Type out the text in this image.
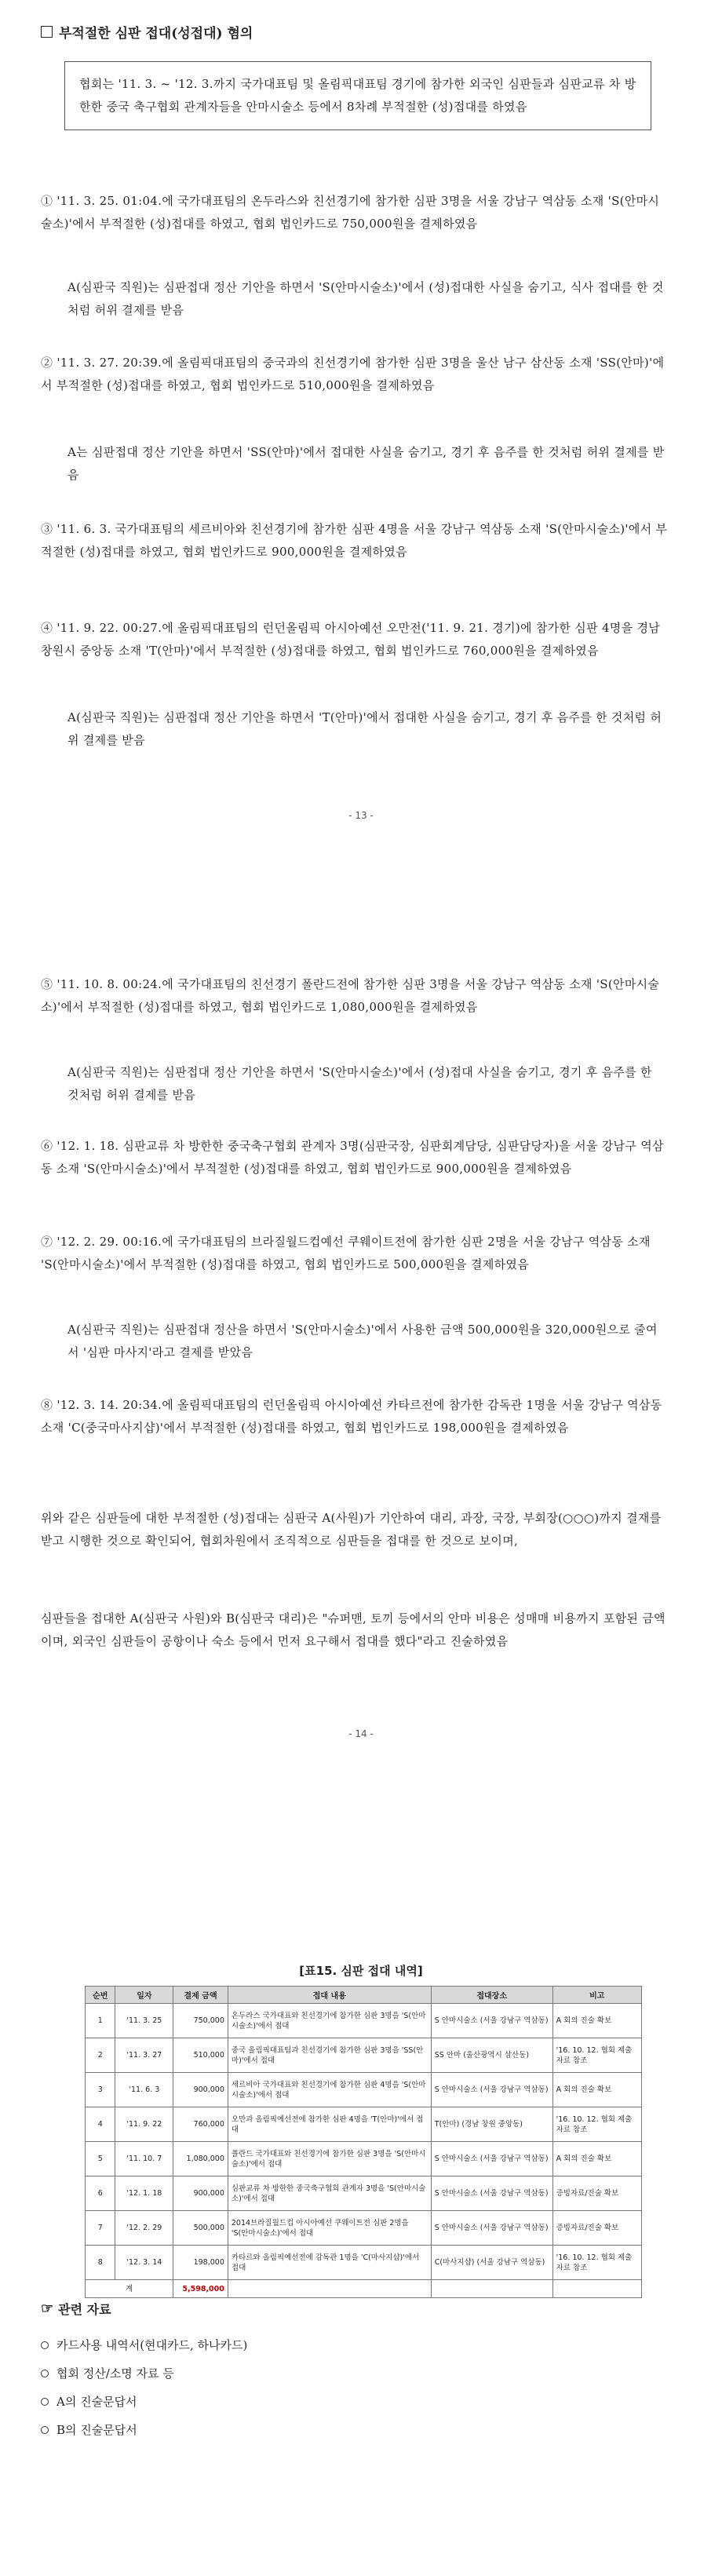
부적절한 심판 접대(성접대) 혐의
협회는 '11. 3. ~ '12. 3.까지 국가대표팀 및 올림픽대표팀 경기에 참가한 외국인 심판들과 심판교류 차 방한한 중국 축구협회 관계자들을 안마시술소 등에서 8차례 부적절한 (성)접대를 하였음
① '11. 3. 25. 01:04.에 국가대표팀의 온두라스와 친선경기에 참가한 심판 3명을 서울 강남구 역삼동 소재 'S(안마시술소)'에서 부적절한 (성)접대를 하였고, 협회 법인카드로 750,000원을 결제하였음
A(심판국 직원)는 심판접대 정산 기안을 하면서 'S(안마시술소)'에서 (성)접대한 사실을 숨기고, 식사 접대를 한 것처럼 허위 결제를 받음
② '11. 3. 27. 20:39.에 올림픽대표팀의 중국과의 친선경기에 참가한 심판 3명을 울산 남구 삼산동 소재 'SS(안마)'에서 부적절한 (성)접대를 하였고, 협회 법인카드로 510,000원을 결제하였음
A는 심판접대 정산 기안을 하면서 'SS(안마)'에서 접대한 사실을 숨기고, 경기 후 음주를 한 것처럼 허위 결제를 받음
③ '11. 6. 3. 국가대표팀의 세르비아와 친선경기에 참가한 심판 4명을 서울 강남구 역삼동 소재 'S(안마시술소)'에서 부적절한 (성)접대를 하였고, 협회 법인카드로 900,000원을 결제하였음
④ '11. 9. 22. 00:27.에 올림픽대표팀의 런던올림픽 아시아예선 오만전('11. 9. 21. 경기)에 참가한 심판 4명을 경남 창원시 중앙동 소재 'T(안마)'에서 부적절한 (성)접대를 하였고, 협회 법인카드로 760,000원을 결제하였음
A(심판국 직원)는 심판접대 정산 기안을 하면서 'T(안마)'에서 접대한 사실을 숨기고, 경기 후 음주를 한 것처럼 허위 결제를 받음
- 13 -
⑤ '11. 10. 8. 00:24.에 국가대표팀의 친선경기 폴란드전에 참가한 심판 3명을 서울 강남구 역삼동 소재 'S(안마시술소)'에서 부적절한 (성)접대를 하였고, 협회 법인카드로 1,080,000원을 결제하였음
A(심판국 직원)는 심판접대 정산 기안을 하면서 'S(안마시술소)'에서 (성)접대 사실을 숨기고, 경기 후 음주를 한 것처럼 허위 결제를 받음
⑥ '12. 1. 18. 심판교류 차 방한한 중국축구협회 관계자 3명(심판국장, 심판회계담당, 심판담당자)을 서울 강남구 역삼동 소재 'S(안마시술소)'에서 부적절한 (성)접대를 하였고, 협회 법인카드로 900,000원을 결제하였음
⑦ '12. 2. 29. 00:16.에 국가대표팀의 브라질월드컵예선 쿠웨이트전에 참가한 심판 2명을 서울 강남구 역삼동 소재 'S(안마시술소)'에서 부적절한 (성)접대를 하였고, 협회 법인카드로 500,000원을 결제하였음
A(심판국 직원)는 심판접대 정산을 하면서 'S(안마시술소)'에서 사용한 금액 500,000원을 320,000원으로 줄여서 '심판 마사지'라고 결제를 받았음
⑧ '12. 3. 14. 20:34.에 올림픽대표팀의 런던올림픽 아시아예선 카타르전에 참가한 감독관 1명을 서울 강남구 역삼동 소재 'C(중국마사지샵)'에서 부적절한 (성)접대를 하였고, 협회 법인카드로 198,000원을 결제하였음
위와 같은 심판들에 대한 부적절한 (성)접대는 심판국 A(사원)가 기안하여 대리, 과장, 국장, 부회장(○○○)까지 결재를 받고 시행한 것으로 확인되어, 협회차원에서 조직적으로 심판들을 접대를 한 것으로 보이며,
심판들을 접대한 A(심판국 사원)와 B(심판국 대리)은 "슈퍼맨, 토끼 등에서의 안마 비용은 성매매 비용까지 포함된 금액이며, 외국인 심판들이 공항이나 숙소 등에서 먼저 요구해서 접대를 했다"라고 진술하였음
- 14 -
[표15. 심판 접대 내역]
순번	일자	결제 금액	접대 내용	접대장소	비고
1	'11. 3. 25	750,000	온두라스 국가대표와 친선경기에 참가한 심판 3명을 'S(안마시술소)'에서 접대	S 안마시술소 (서울 강남구 역삼동)	A 회의 진술 확보
2	'11. 3. 27	510,000	중국 올림픽대표팀과 친선경기에 참가한 심판 3명을 'SS(안마)'에서 접대	SS 안마 (울산광역시 삼산동)	'16. 10. 12. 협회 제출자료 참조
3	'11. 6. 3	900,000	세르비아 국가대표와 친선경기에 참가한 심판 4명을 'S(안마시술소)'에서 접대	S 안마시술소 (서울 강남구 역삼동)	A 회의 진술 확보
4	'11. 9. 22	760,000	오만과 올림픽예선전에 참가한 심판 4명을 'T(안마)'에서 접대	T(안마) (경남 창원 중앙동)	'16. 10. 12. 협회 제출자료 참조
5	'11. 10. 7	1,080,000	폴란드 국가대표와 친선경기에 참가한 심판 3명을 'S(안마시술소)'에서 접대	S 안마시술소 (서울 강남구 역삼동)	A 회의 진술 확보
6	'12. 1. 18	900,000	심판교류 차 방한한 중국축구협회 관계자 3명을 'S(안마시술소)'에서 접대	S 안마시술소 (서울 강남구 역삼동)	증빙자료/진술 확보
7	'12. 2. 29	500,000	2014브라질월드컵 아시아예선 쿠웨이트전 심판 2명을 'S(안마시술소)'에서 접대	S 안마시술소 (서울 강남구 역삼동)	증빙자료/진술 확보
8	'12. 3. 14	198,000	카타르와 올림픽예선전에 감독관 1명을 'C(마사지샵)'에서 접대	C(마사지샵) (서울 강남구 역삼동)	'16. 10. 12. 협회 제출자료 참조
계		5,598,000			
☞ 관련 자료
카드사용 내역서(현대카드, 하나카드)
협회 정산/소명 자료 등
A의 진술문답서
B의 진술문답서
